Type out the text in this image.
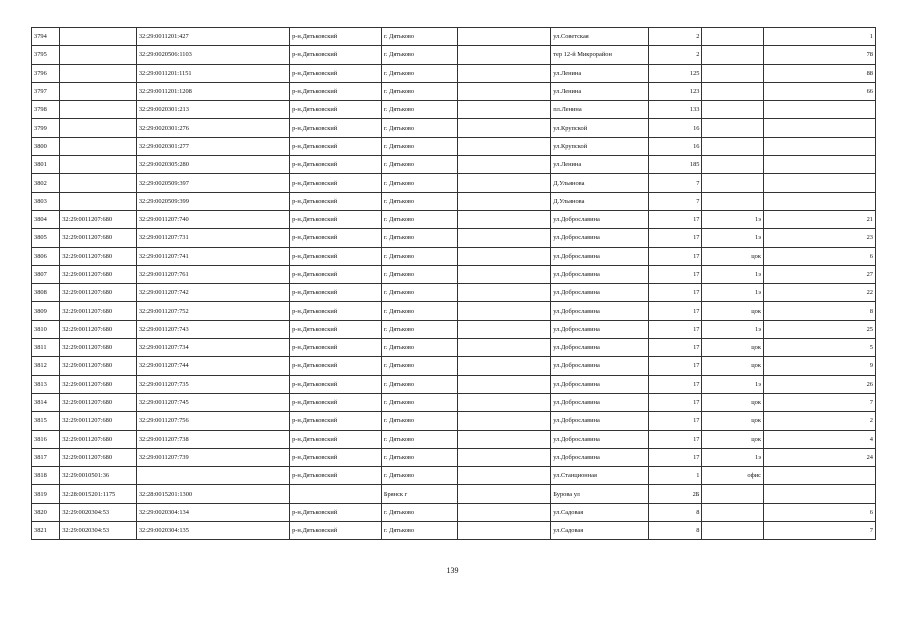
3794		32:29:0011201:427	р-н.Дятьковский	г. Дятьково		ул.Советская	2		1
3795		32:29:0020506:1103	р-н.Дятьковский	г. Дятьково		тер 12-й Микрорайон	2		78
3796		32:29:0011201:1151	р-н.Дятьковский	г. Дятьково		ул.Ленина	125		88
3797		32:29:0011201:1208	р-н.Дятьковский	г. Дятьково		ул.Ленина	123		66
3798		32:29:0020301:213	р-н.Дятьковский	г. Дятьково		пл.Ленина	133		
3799		32:29:0020301:276	р-н.Дятьковский	г. Дятьково		ул.Крупской	16		
3800		32:29:0020301:277	р-н.Дятьковский	г. Дятьково		ул.Крупской	16		
3801		32:29:0020305:280	р-н.Дятьковский	г. Дятьково		ул.Ленина	185		
3802		32:29:0020509:397	р-н.Дятьковский	г. Дятьково		Д.Ульянова	7		
3803		32:29:0020509:399	р-н.Дятьковский	г. Дятьково		Д.Ульянова	7		
3804	32:29:0011207:680	32:29:0011207:740	р-н.Дятьковский	г. Дятьково		ул.Доброславина	17	1э	21
3805	32:29:0011207:680	32:29:0011207:731	р-н.Дятьковский	г. Дятьково		ул.Доброславина	17	1э	23
3806	32:29:0011207:680	32:29:0011207:741	р-н.Дятьковский	г. Дятьково		ул.Доброславина	17	цок	6
3807	32:29:0011207:680	32:29:0011207:761	р-н.Дятьковский	г. Дятьково		ул.Доброславина	17	1э	27
3808	32:29:0011207:680	32:29:0011207:742	р-н.Дятьковский	г. Дятьково		ул.Доброславина	17	1э	22
3809	32:29:0011207:680	32:29:0011207:752	р-н.Дятьковский	г. Дятьково		ул.Доброславина	17	цок	8
3810	32:29:0011207:680	32:29:0011207:743	р-н.Дятьковский	г. Дятьково		ул.Доброславина	17	1э	25
3811	32:29:0011207:680	32:29:0011207:734	р-н.Дятьковский	г. Дятьково		ул.Доброславина	17	цок	5
3812	32:29:0011207:680	32:29:0011207:744	р-н.Дятьковский	г. Дятьково		ул.Доброславина	17	цок	9
3813	32:29:0011207:680	32:29:0011207:735	р-н.Дятьковский	г. Дятьково		ул.Доброславина	17	1э	26
3814	32:29:0011207:680	32:29:0011207:745	р-н.Дятьковский	г. Дятьково		ул.Доброславина	17	цок	7
3815	32:29:0011207:680	32:29:0011207:756	р-н.Дятьковский	г. Дятьково		ул.Доброславина	17	цок	2
3816	32:29:0011207:680	32:29:0011207:738	р-н.Дятьковский	г. Дятьково		ул.Доброславина	17	цок	4
3817	32:29:0011207:680	32:29:0011207:739	р-н.Дятьковский	г. Дятьково		ул.Доброславина	17	1э	24
3818	32:29:0010501:36		р-н.Дятьковский	г. Дятьково		ул.Станционная	1	офис	
3819	32:28:0015201:1175	32:28:0015201:1300		Брянск г		Бурова ул	2Б		
3820	32:29:0020304:53	32:29:0020304:134	р-н.Дятьковский	г. Дятьково		ул.Садовая	8		6
3821	32:29:0020304:53	32:29:0020304:135	р-н.Дятьковский	г. Дятьково		ул.Садовая	8		7
139
